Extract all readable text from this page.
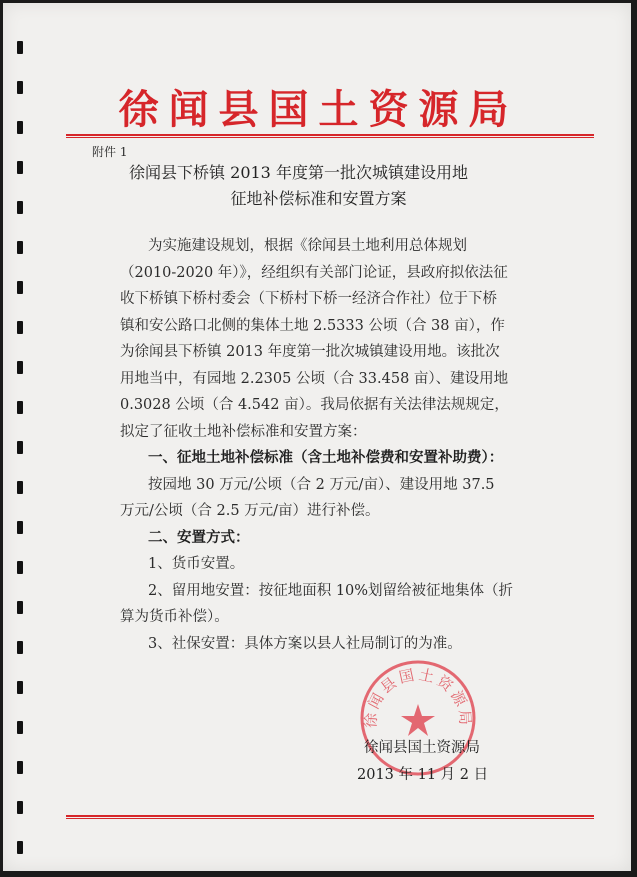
徐闻县国土资源局
附件 1
徐闻县下桥镇 2013 年度第一批次城镇建设用地
征地补偿标准和安置方案
为实施建设规划，根据《徐闻县土地利用总体规划
（2010-2020 年）》，经组织有关部门论证，县政府拟依法征
收下桥镇下桥村委会（下桥村下桥一经济合作社）位于下桥
镇和安公路口北侧的集体土地 2.5333 公顷（合 38 亩），作
为徐闻县下桥镇 2013 年度第一批次城镇建设用地。该批次
用地当中，有园地 2.2305 公顷（合 33.458 亩）、建设用地
0.3028 公顷（合 4.542 亩）。我局依据有关法律法规规定，
拟定了征收土地补偿标准和安置方案：
一、征地土地补偿标准（含土地补偿费和安置补助费）：
按园地 30 万元/公顷（合 2 万元/亩）、建设用地 37.5
万元/公顷（合 2.5 万元/亩）进行补偿。
二、安置方式：
1、货币安置。
2、留用地安置：按征地面积 10%划留给被征地集体（折
算为货币补偿）。
3、社保安置：具体方案以县人社局制订的为准。
徐闻县国土资源局
徐闻县国土资源局
2013 年 11 月 2 日
